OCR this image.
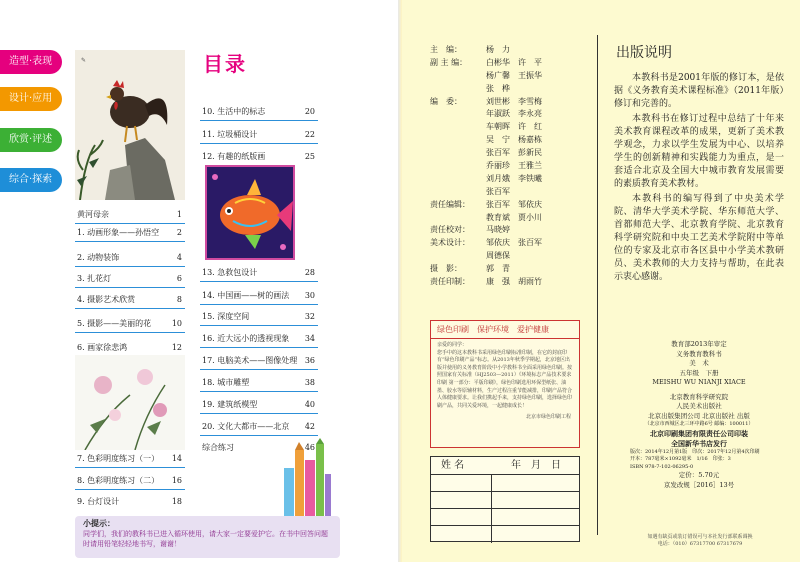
造型·表现
设计·应用
欣赏·评述
综合·探索
✎	目录
黄河母亲	1
1. 动画形象——孙悟空 2
2. 动物装饰	4
3. 扎花灯	6
4. 摄影艺术欣赏	8
5. 摄影——美丽的花	10
6. 画家徐悲鸿	12
7. 色彩明度练习（一） 14
8. 色彩明度练习（二） 16
9. 台灯设计	18
10. 生活中的标志	20
11. 垃圾桶设计	22
12. 有趣的纸版画	25
13. 急救包设计	28
14. 中国画——树的画法 30
15. 深度空间	32
16. 近大远小的透视现象 34
17. 电脑美术——图像处理 36
18. 城市雕塑	38
19. 建筑纸模型	40
20. 文化大都市——北京 42
综合练习	46
小提示：
同学们，我们的教科书已进入循环使用，请大家一定要爱护它。在书中回答问题时请用铅笔轻轻地书写，谢谢！
主　编：	杨　力
副 主 编：	白彬华　许　平
杨广馨　王振华
张　桦
编　委：	刘世彬　李雪梅
年淑跃　李永亮
车朝晖　许　红
吴　宁　杨嘉栋
张百军　彭新民
乔丽珍　王雅兰
刘月娥　李铁曦
张百军
责任编辑：	张百军　邹依庆
教育斌　贾小川
责任校对：	马晓婷
美术设计：	邹依庆　张百军
周德保
摄　影：	郭　青
责任印制：	康　强　胡雨竹
出版说明

本教科书是2001年版的修订本，是依据《义务教育美术课程标准》（2011年版）修订和完善的。

本教科书在修订过程中总结了十年来美术教育课程改革的成果，更新了美术教学观念，力求以学生发展为中心、以培养学生的创新精神和实践能力为重点，是一套适合北京及全国大中城市教育发展需要的素质教育美术教材。

本教科书的编写得到了中央美术学院、清华大学美术学院、华东师范大学、首都师范大学、北京教育学院、北京教育科学研究院和中央工艺美术学院附中等单位的专家及北京市各区县中小学美术教研员、美术教师的大力支持与帮助，在此表示衷心感谢。

绿色印刷　保护环境　爱护健康
亲爱的同学：
您手中的这本教科书采用绿色印刷标准印制，在它的封底印有“绿色印刷产品”标志。从2013年秋季学期起，北京地区出版并使用的义务教育阶段中小学教科书全面采用绿色印刷。按照国家有关标准（HJ2503—2011）《环境标志产品技术要求 印刷 第一部分：平版印刷》，绿色印刷选用环保型纸张、油墨、胶水等原辅材料，生产过程注重节能减排，印刷产品符合人体健康要求。让我们携起手来，支持绿色印刷，选择绿色印刷产品，共同关爱环境，一起健康成长！
北京市绿色印刷工程
姓 名	年　月　日
教育部2013年审定
义务教育教科书
美　术
五年级　下册
MEISHU WU NIANJI XIACE
北京教育科学研究院
人民美术出版社
北京出版集团公司 北京出版社 出版
（北京市西城区北三环中路6号 邮编：100011）
北京印刷集团有限责任公司印装
全国新华书店发行
版次：2014年12月第1版　印次：2017年12月第4次印刷
开本：787毫米×1092毫米　1/16　印张：3
ISBN 978-7-102-06295-0
定价：5.70元
京发改规［2016］13号
如遇有缺页或装订错误可与本社发行部联系调换
电话：（010）67317700 67317679
